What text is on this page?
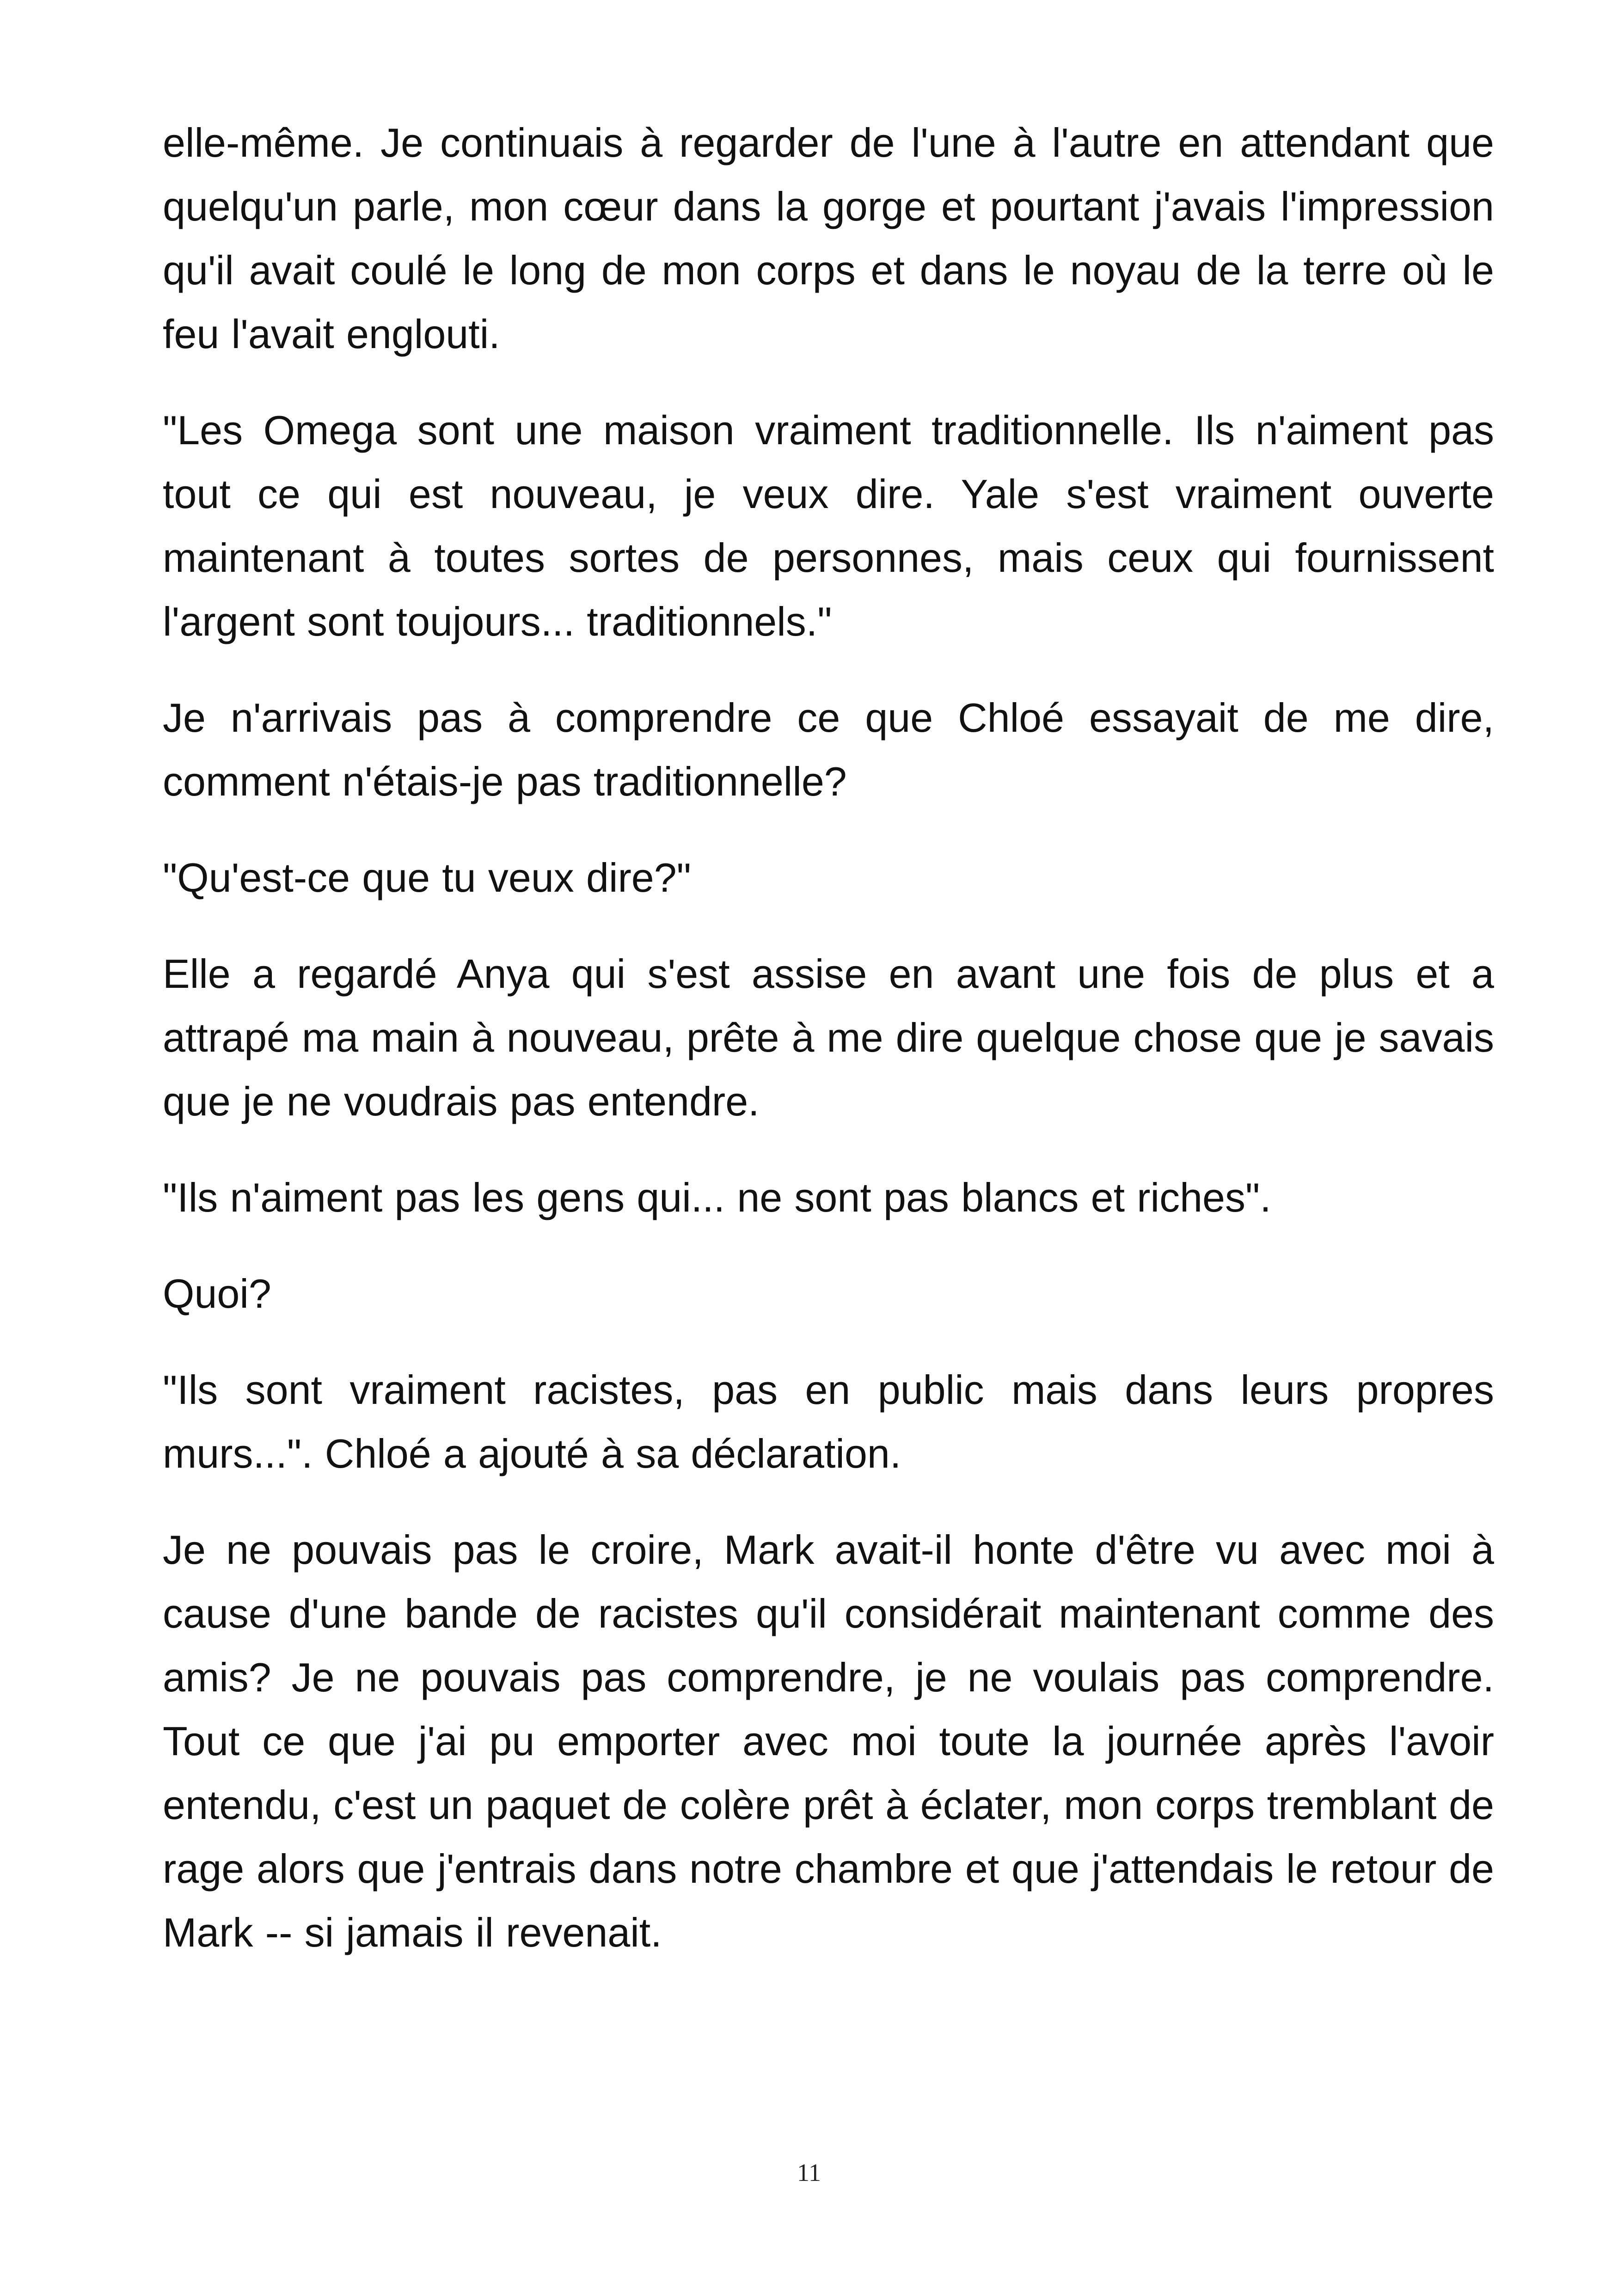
elle-même. Je continuais à regarder de l'une à l'autre en attendant que quelqu'un parle, mon cœur dans la gorge et pourtant j'avais l'impression qu'il avait coulé le long de mon corps et dans le noyau de la terre où le feu l'avait englouti.

"Les Omega sont une maison vraiment traditionnelle. Ils n'aiment pas tout ce qui est nouveau, je veux dire. Yale s'est vraiment ouverte maintenant à toutes sortes de personnes, mais ceux qui fournissent l'argent sont toujours... traditionnels."

Je n'arrivais pas à comprendre ce que Chloé essayait de me dire, comment n'étais-je pas traditionnelle?

"Qu'est-ce que tu veux dire?"

Elle a regardé Anya qui s'est assise en avant une fois de plus et a attrapé ma main à nouveau, prête à me dire quelque chose que je savais que je ne voudrais pas entendre.

"Ils n'aiment pas les gens qui... ne sont pas blancs et riches".

Quoi?

"Ils sont vraiment racistes, pas en public mais dans leurs propres murs...". Chloé a ajouté à sa déclaration.

Je ne pouvais pas le croire, Mark avait-il honte d'être vu avec moi à cause d'une bande de racistes qu'il considérait maintenant comme des amis? Je ne pouvais pas comprendre, je ne voulais pas comprendre. Tout ce que j'ai pu emporter avec moi toute la journée après l'avoir entendu, c'est un paquet de colère prêt à éclater, mon corps tremblant de rage alors que j'entrais dans notre chambre et que j'attendais le retour de Mark -- si jamais il revenait.

11
